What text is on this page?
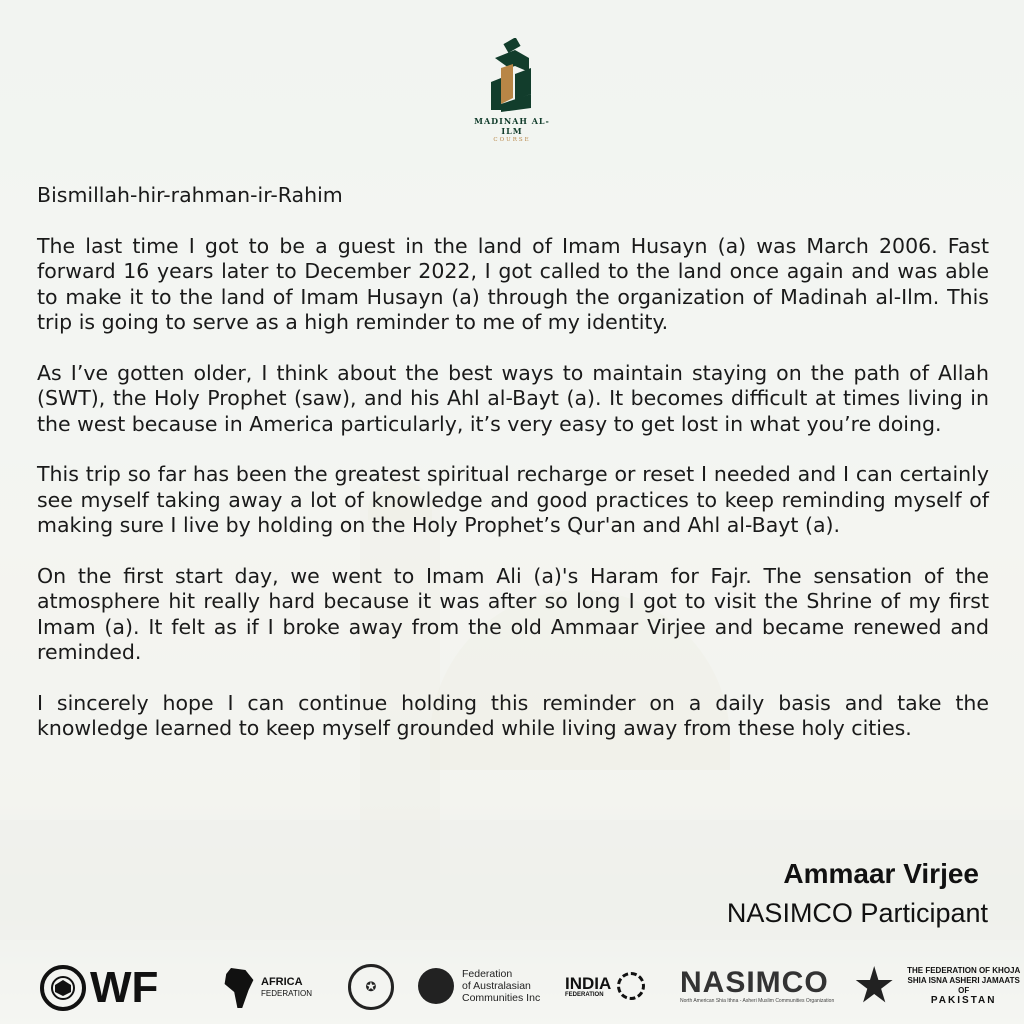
MADINAH AL-ILM
COURSE

Bismillah-hir-rahman-ir-Rahim

The last time I got to be a guest in the land of Imam Husayn (a) was March 2006. Fast forward 16 years later to December 2022, I got called to the land once again and was able to make it to the land of Imam Husayn (a) through the organization of Madinah al-Ilm. This trip is going to serve as a high reminder to me of my identity.

As I’ve gotten older, I think about the best ways to maintain staying on the path of Allah (SWT), the Holy Prophet (saw), and his Ahl al-Bayt (a). It becomes difficult at times living in the west because in America particularly, it’s very easy to get lost in what you’re doing.

This trip so far has been the greatest spiritual recharge or reset I needed and I can certainly see myself taking away a lot of knowledge and good practices to keep reminding myself of making sure I live by holding on the Holy Prophet’s Qur'an and Ahl al-Bayt (a).

On the first start day, we went to Imam Ali (a)'s Haram for Fajr. The sensation of the atmosphere hit really hard because it was after so long I got to visit the Shrine of my first Imam (a). It felt as if I broke away from the old Ammaar Virjee and became renewed and reminded.

I sincerely hope I can continue holding this reminder on a daily basis and take the knowledge learned to keep myself grounded while living away from these holy cities.

Ammaar Virjee
NASIMCO Participant
WF	AFRICA
FEDERATION	✪
Federation
of Australasian
Communities Inc
INDIA
FEDERATION	NASIMCO
North American Shia Ithna - Asheri Muslim Communities Organization
THE FEDERATION OF KHOJA
SHIA ISNA ASHERI JAMAATS OF
PAKISTAN
